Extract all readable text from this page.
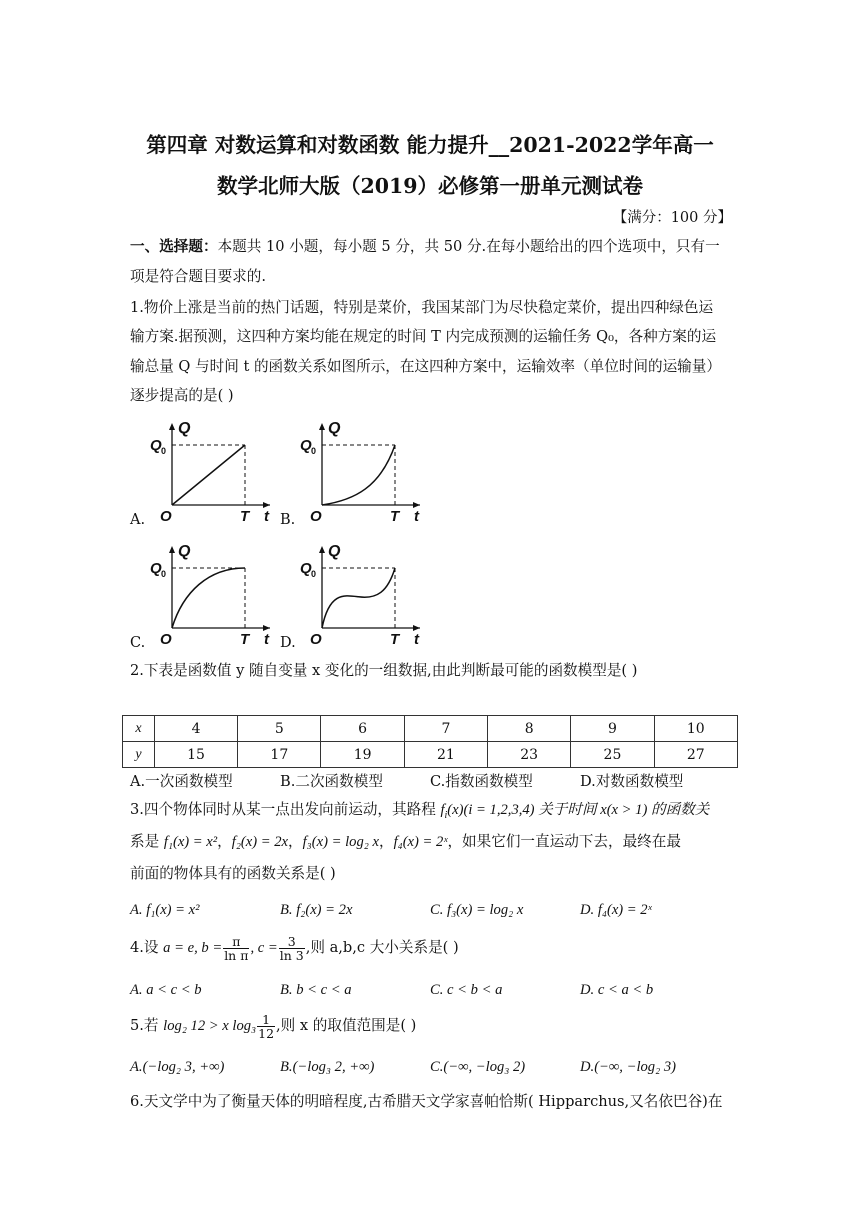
第四章 对数运算和对数函数 能力提升__2021-2022学年高一
数学北师大版（2019）必修第一册单元测试卷
【满分：100 分】
一、选择题：本题共 10 小题，每小题 5 分，共 50 分.在每小题给出的四个选项中，只有一
项是符合题目要求的.
1.物价上涨是当前的热门话题，特别是菜价，我国某部门为尽快稳定菜价，提出四种绿色运
输方案.据预测，这四种方案均能在规定的时间 T 内完成预测的运输任务 Q₀，各种方案的运
输总量 Q 与时间 t 的函数关系如图所示，在这四种方案中，运输效率（单位时间的运输量）
逐步提高的是( )
Q
Q 0
O	T t
A.
Q
Q 0
O	T t
B.
Q
Q 0
O	T t
C.
Q
Q 0
O	T t
D.
2.下表是函数值 y 随自变量 x 变化的一组数据,由此判断最可能的函数模型是( )
x	4	5	6	7	8	9	10
y	15	17	19	21	23	25	27
A.一次函数模型	B.二次函数模型	C.指数函数模型	D.对数函数模型
3.四个物体同时从某一点出发向前运动，其路程 $f_i(x)(i = 1,2,3,4)$ 关于时间 x(x > 1) 的函数关
系是 f₁(x) = x²，f₂(x) = 2x，f₃(x) = log₂ x，f₄(x) = 2ˣ，如果它们一直运动下去，最终在最
前面的物体具有的函数关系是( )
A. f₁(x) = x²	B. f₂(x) = 2x	C. f₃(x) = log₂ x	D. f₄(x) = 2ˣ
4.设 a = e, $b = \frac{\pi}{\text{ln π}}$ , $c = \frac{3}{\ln 3}$ ,则 a,b,c 大小关系是( )
A. a < c < b	B. b < c < a	C. c < b < a	D. c < a < b
5.若 log₂ 12 > x $\log_3 \frac{1}{12}$ ,则 x 的取值范围是( )
A.(−log₂ 3, +∞)	B.(−log₃ 2, +∞)	C.(−∞, −log₃ 2)	D.(−∞, −log₂ 3)
6.天文学中为了衡量天体的明暗程度,古希腊天文学家喜帕恰斯( Hipparchus,又名依巴谷)在
